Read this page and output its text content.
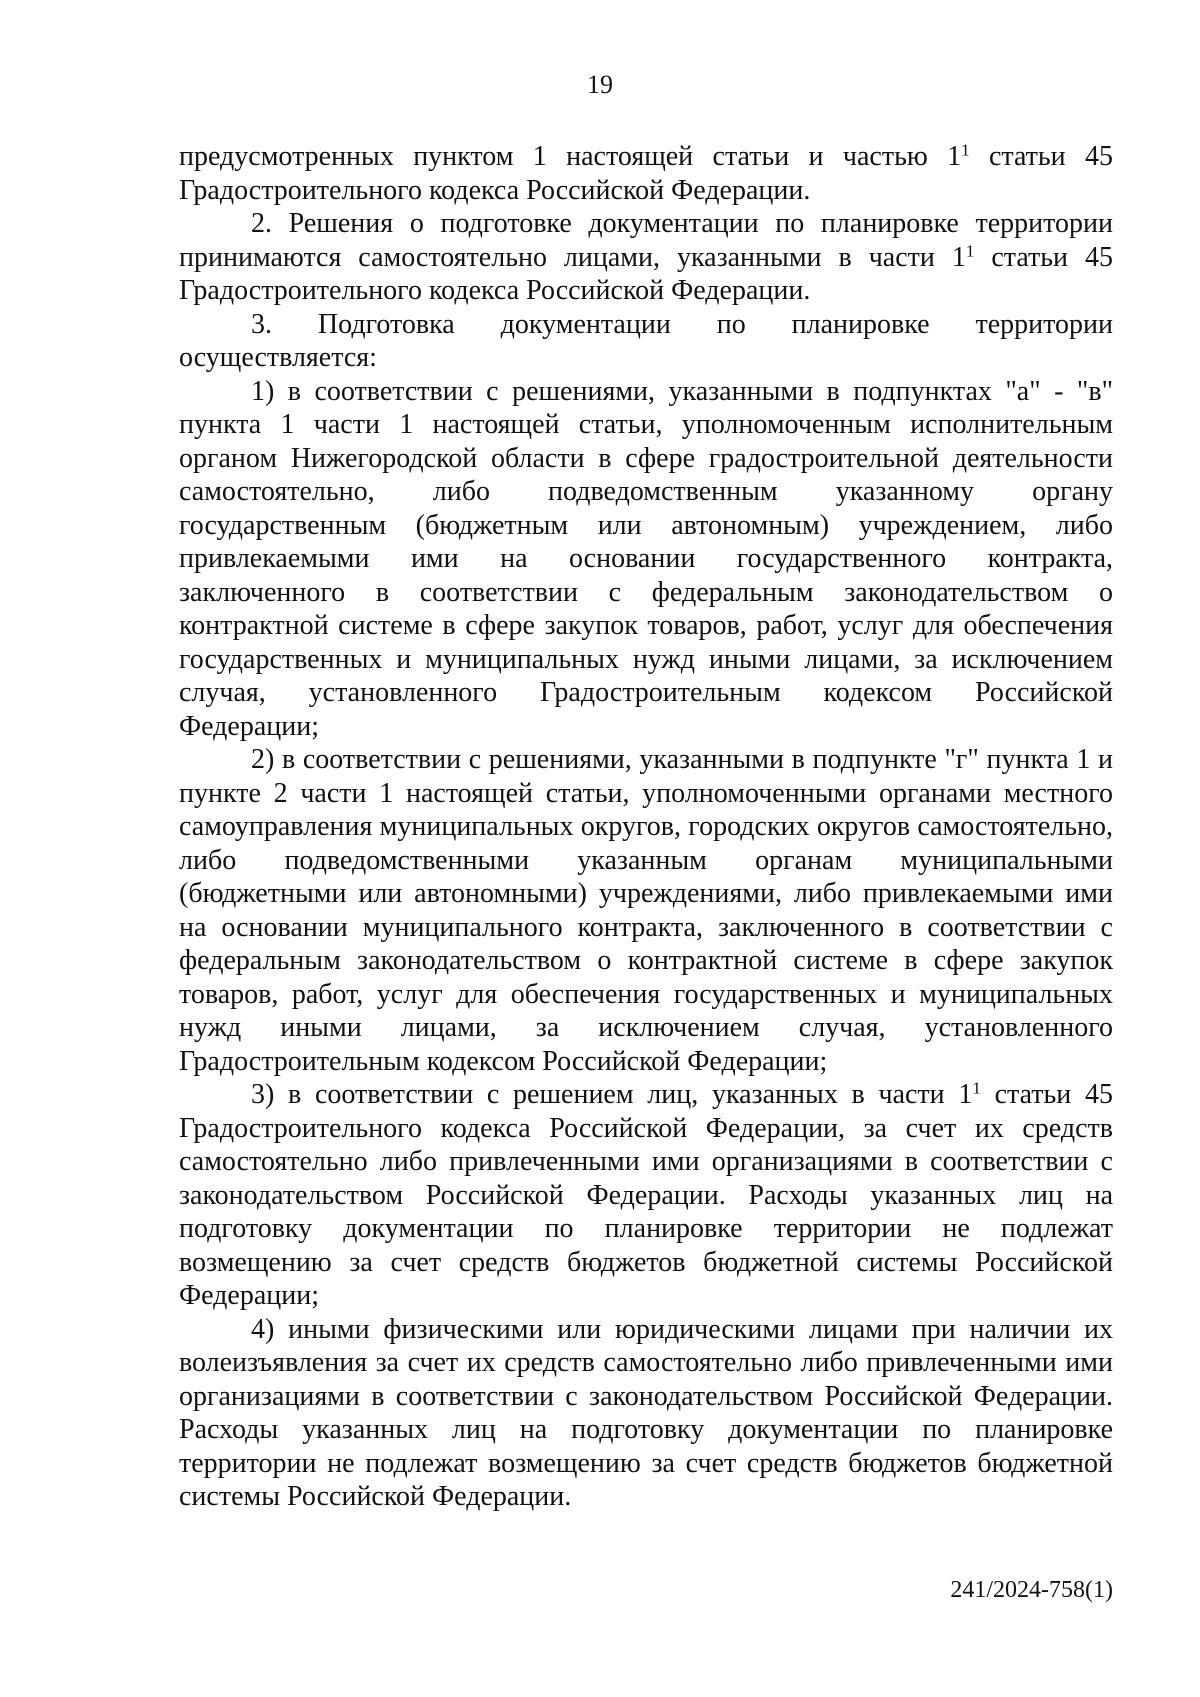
19

предусмотренных пунктом 1 настоящей статьи и частью $1^1$ статьи 45 Градостроительного кодекса Российской Федерации.

2. Решения о подготовке документации по планировке территории принимаются самостоятельно лицами, указанными в части $1^1$ статьи 45 Градостроительного кодекса Российской Федерации.

3. Подготовка документации по планировке территории

осуществляется:

1) в соответствии с решениями, указанными в подпунктах "а" - "в" пункта 1 части 1 настоящей статьи, уполномоченным исполнительным органом Нижегородской области в сфере градостроительной деятельности самостоятельно, либо подведомственным указанному органу государственным (бюджетным или автономным) учреждением, либо привлекаемыми ими на основании государственного контракта, заключенного в соответствии с федеральным законодательством о контрактной системе в сфере закупок товаров, работ, услуг для обеспечения государственных и муниципальных нужд иными лицами, за исключением случая, установленного Градостроительным кодексом Российской Федерации;

2) в соответствии с решениями, указанными в подпункте "г" пункта 1 и пункте 2 части 1 настоящей статьи, уполномоченными органами местного самоуправления муниципальных округов, городских округов самостоятельно, либо подведомственными указанным органам муниципальными (бюджетными или автономными) учреждениями, либо привлекаемыми ими на основании муниципального контракта, заключенного в соответствии с федеральным законодательством о контрактной системе в сфере закупок товаров, работ, услуг для обеспечения государственных и муниципальных нужд иными лицами, за исключением случая, установленного Градостроительным кодексом Российской Федерации;

3) в соответствии с решением лиц, указанных в части $1^1$ статьи 45 Градостроительного кодекса Российской Федерации, за счет их средств самостоятельно либо привлеченными ими организациями в соответствии с законодательством Российской Федерации. Расходы указанных лиц на подготовку документации по планировке территории не подлежат возмещению за счет средств бюджетов бюджетной системы Российской Федерации;

4) иными физическими или юридическими лицами при наличии их волеизъявления за счет их средств самостоятельно либо привлеченными ими организациями в соответствии с законодательством Российской Федерации. Расходы указанных лиц на подготовку документации по планировке территории не подлежат возмещению за счет средств бюджетов бюджетной системы Российской Федерации.

241/2024-758(1)
